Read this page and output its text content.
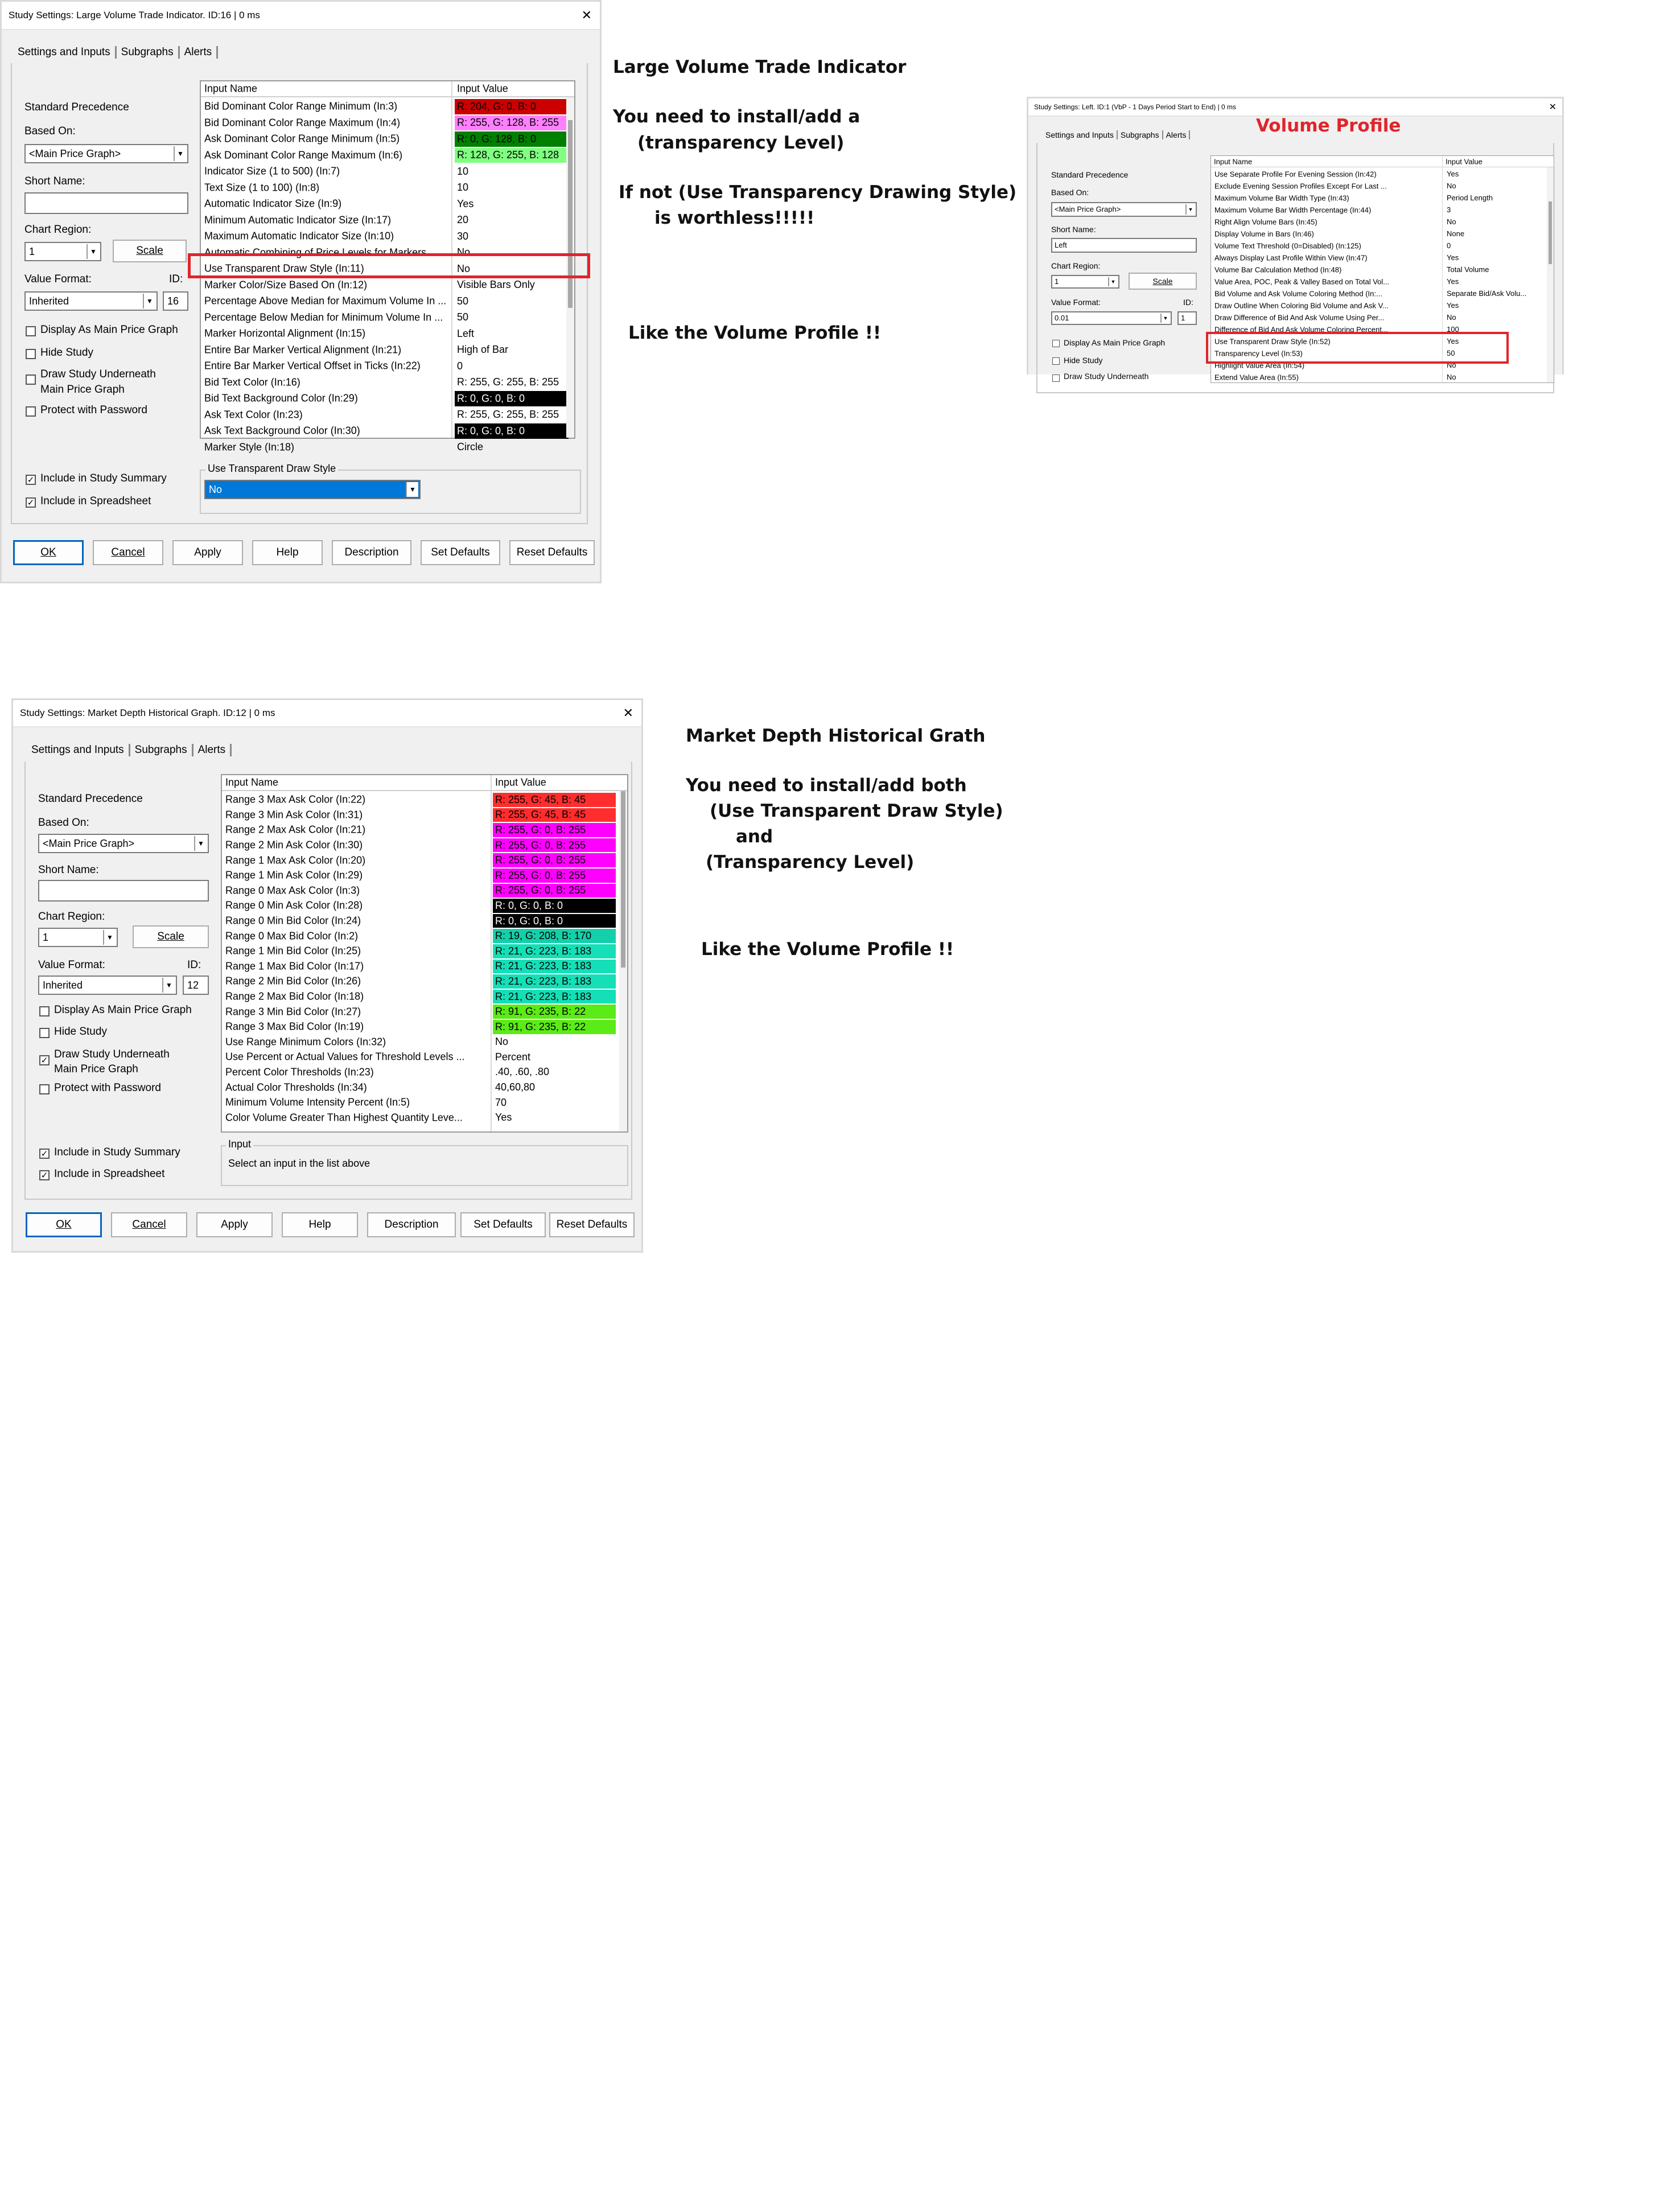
Study Settings: Large Volume Trade Indicator. ID:16 | 0 ms	✕
Settings and Inputs	Subgraphs	Alerts
Standard Precedence
Based On:
<Main Price Graph>	▼
Short Name:
Chart Region:
1	▼	Scale
Value Format:	ID:
Inherited	▼	16
Display As Main Price Graph
Hide Study
Draw Study Underneath
Main Price Graph
Protect with Password
✓ Include in Study Summary
✓ Include in Spreadsheet
Input Name	Input Value
Bid Dominant Color Range Minimum (In:3)	R: 204, G: 0, B: 0
Bid Dominant Color Range Maximum (In:4)	R: 255, G: 128, B: 255
Ask Dominant Color Range Minimum (In:5)	R: 0, G: 128, B: 0
Ask Dominant Color Range Maximum (In:6)	R: 128, G: 255, B: 128
Indicator Size (1 to 500) (In:7)	10
Text Size (1 to 100) (In:8)	10
Automatic Indicator Size (In:9)	Yes
Minimum Automatic Indicator Size (In:17)	20
Maximum Automatic Indicator Size (In:10)	30
Automatic Combining of Price Levels for Markers	No
Use Transparent Draw Style (In:11)	No
Marker Color/Size Based On (In:12)	Visible Bars Only
Percentage Above Median for Maximum Volume In ...	50
Percentage Below Median for Minimum Volume In ...	50
Marker Horizontal Alignment (In:15)	Left
Entire Bar Marker Vertical Alignment (In:21)	High of Bar
Entire Bar Marker Vertical Offset in Ticks (In:22)	0
Bid Text Color (In:16)	R: 255, G: 255, B: 255
Bid Text Background Color (In:29)	R: 0, G: 0, B: 0
Ask Text Color (In:23)	R: 255, G: 255, B: 255
Ask Text Background Color (In:30)	R: 0, G: 0, B: 0
Marker Style (In:18)	Circle
Use Transparent Draw Style
No	▼
OK	Cancel	Apply	Help	Description	Set Defaults Reset Defaults
Large Volume Trade Indicator
You need to install/add a
(transparency Level)
If not (Use Transparency Drawing Style)
is worthless!!!!!
Like the Volume Profile !!
Study Settings: Left. ID:1 (VbP - 1 Days Period Start to End) | 0 ms	✕
Volume Profile
Settings and Inputs Subgraphs Alerts
Standard Precedence
Based On:
<Main Price Graph>	▼
Short Name:
Left
Chart Region:
1	▼	Scale
Value Format:	ID:
0.01	▼	1
Display As Main Price Graph
Hide Study
Draw Study Underneath
Input Name	Input Value
Use Separate Profile For Evening Session (In:42)	Yes
Exclude Evening Session Profiles Except For Last ...	No
Maximum Volume Bar Width Type (In:43)	Period Length
Maximum Volume Bar Width Percentage (In:44)	3
Right Align Volume Bars (In:45)	No
Display Volume in Bars (In:46)	None
Volume Text Threshold (0=Disabled) (In:125)	0
Always Display Last Profile Within View (In:47)	Yes
Volume Bar Calculation Method (In:48)	Total Volume
Value Area, POC, Peak & Valley Based on Total Vol...	Yes
Bid Volume and Ask Volume Coloring Method (In:...	Separate Bid/Ask Volu...
Draw Outline When Coloring Bid Volume and Ask V...	Yes
Draw Difference of Bid And Ask Volume Using Per...	No
Difference of Bid And Ask Volume Coloring Percent...	100
Use Transparent Draw Style (In:52)	Yes
Transparency Level (In:53)	50
Highlight Value Area (In:54)	No
Extend Value Area (In:55)	No
Study Settings: Market Depth Historical Graph. ID:12 | 0 ms	✕
Settings and Inputs	Subgraphs	Alerts
Standard Precedence
Based On:
<Main Price Graph>	▼
Short Name:
Chart Region:
1	▼	Scale
Value Format:	ID:
Inherited	▼	12
Display As Main Price Graph
Hide Study
✓ Draw Study Underneath
Main Price Graph
Protect with Password
✓ Include in Study Summary
✓ Include in Spreadsheet
Input Name	Input Value
Range 3 Max Ask Color (In:22)	R: 255, G: 45, B: 45
Range 3 Min Ask Color (In:31)	R: 255, G: 45, B: 45
Range 2 Max Ask Color (In:21)	R: 255, G: 0, B: 255
Range 2 Min Ask Color (In:30)	R: 255, G: 0, B: 255
Range 1 Max Ask Color (In:20)	R: 255, G: 0, B: 255
Range 1 Min Ask Color (In:29)	R: 255, G: 0, B: 255
Range 0 Max Ask Color (In:3)	R: 255, G: 0, B: 255
Range 0 Min Ask Color (In:28)	R: 0, G: 0, B: 0
Range 0 Min Bid Color (In:24)	R: 0, G: 0, B: 0
Range 0 Max Bid Color (In:2)	R: 19, G: 208, B: 170
Range 1 Min Bid Color (In:25)	R: 21, G: 223, B: 183
Range 1 Max Bid Color (In:17)	R: 21, G: 223, B: 183
Range 2 Min Bid Color (In:26)	R: 21, G: 223, B: 183
Range 2 Max Bid Color (In:18)	R: 21, G: 223, B: 183
Range 3 Min Bid Color (In:27)	R: 91, G: 235, B: 22
Range 3 Max Bid Color (In:19)	R: 91, G: 235, B: 22
Use Range Minimum Colors (In:32)	No
Use Percent or Actual Values for Threshold Levels ...	Percent
Percent Color Thresholds (In:23)	.40, .60, .80
Actual Color Thresholds (In:34)	40,60,80
Minimum Volume Intensity Percent (In:5)	70
Color Volume Greater Than Highest Quantity Leve...	Yes
Input
Select an input in the list above
OK	Cancel	Apply	Help	Description	Set Defaults Reset Defaults
Market Depth Historical Grath
You need to install/add both
(Use Transparent Draw Style)
and
(Transparency Level)
Like the Volume Profile !!
